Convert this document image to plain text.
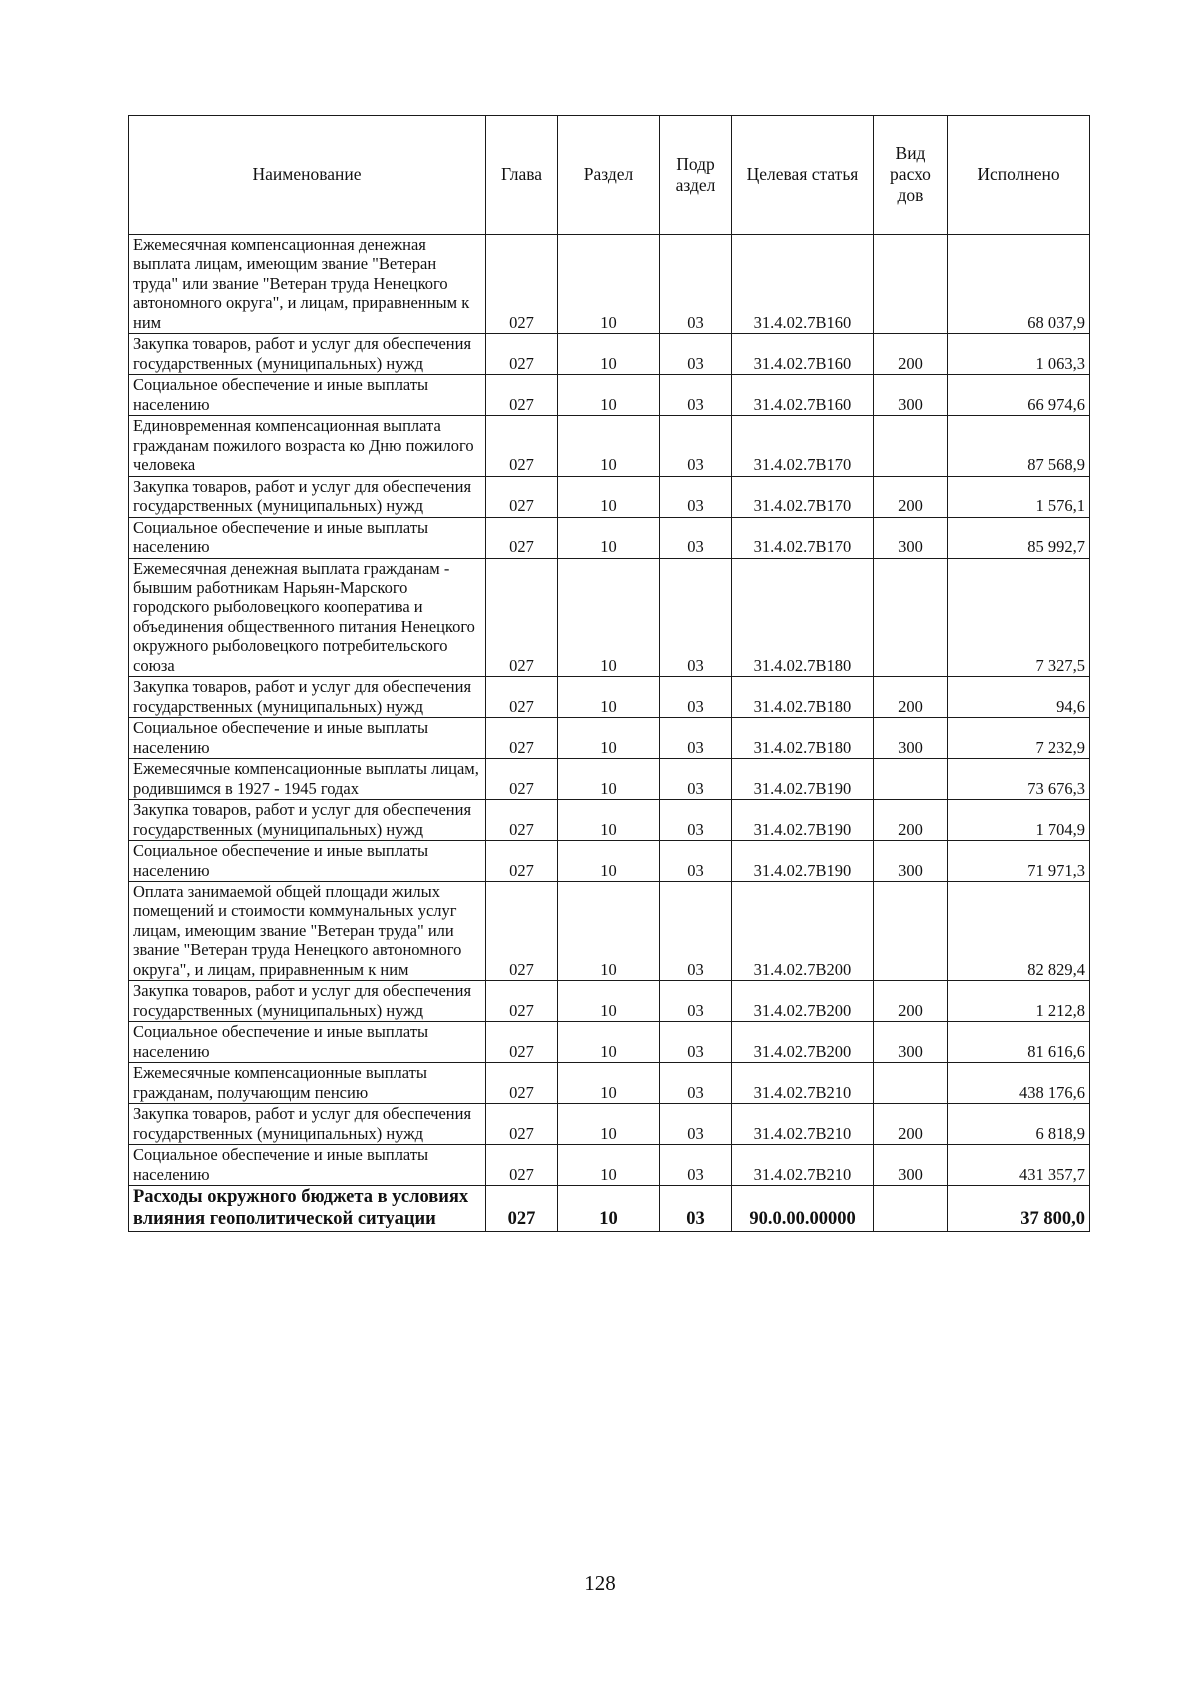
Наименование	Глава	Раздел	Подр аздел	Целевая статья	Вид расхо дов	Исполнено
Ежемесячная компенсационная денежная выплата лицам, имеющим звание "Ветеран труда" или звание "Ветеран труда Ненецкого автономного округа", и лицам, приравненным к ним	027	10	03	31.4.02.7В160		68 037,9
Закупка товаров, работ и услуг для обеспечения государственных (муниципальных) нужд	027	10	03	31.4.02.7В160	200	1 063,3
Социальное обеспечение и иные выплаты населению	027	10	03	31.4.02.7В160	300	66 974,6
Единовременная компенсационная выплата гражданам пожилого возраста ко Дню пожилого человека	027	10	03	31.4.02.7В170		87 568,9
Закупка товаров, работ и услуг для обеспечения государственных (муниципальных) нужд	027	10	03	31.4.02.7В170	200	1 576,1
Социальное обеспечение и иные выплаты населению	027	10	03	31.4.02.7В170	300	85 992,7
Ежемесячная денежная выплата гражданам - бывшим работникам Нарьян-Марского городского рыболовецкого кооператива и объединения общественного питания Ненецкого окружного рыболовецкого потребительского союза	027	10	03	31.4.02.7В180		7 327,5
Закупка товаров, работ и услуг для обеспечения государственных (муниципальных) нужд	027	10	03	31.4.02.7В180	200	94,6
Социальное обеспечение и иные выплаты населению	027	10	03	31.4.02.7В180	300	7 232,9
Ежемесячные компенсационные выплаты лицам, родившимся в 1927 - 1945 годах	027	10	03	31.4.02.7В190		73 676,3
Закупка товаров, работ и услуг для обеспечения государственных (муниципальных) нужд	027	10	03	31.4.02.7В190	200	1 704,9
Социальное обеспечение и иные выплаты населению	027	10	03	31.4.02.7В190	300	71 971,3
Оплата занимаемой общей площади жилых помещений и стоимости коммунальных услуг лицам, имеющим звание "Ветеран труда" или звание "Ветеран труда Ненецкого автономного округа", и лицам, приравненным к ним	027	10	03	31.4.02.7В200		82 829,4
Закупка товаров, работ и услуг для обеспечения государственных (муниципальных) нужд	027	10	03	31.4.02.7В200	200	1 212,8
Социальное обеспечение и иные выплаты населению	027	10	03	31.4.02.7В200	300	81 616,6
Ежемесячные компенсационные выплаты гражданам, получающим пенсию	027	10	03	31.4.02.7В210		438 176,6
Закупка товаров, работ и услуг для обеспечения государственных (муниципальных) нужд	027	10	03	31.4.02.7В210	200	6 818,9
Социальное обеспечение и иные выплаты населению	027	10	03	31.4.02.7В210	300	431 357,7
Расходы окружного бюджета в условиях влияния геополитической ситуации	027	10	03	90.0.00.00000		37 800,0
128
